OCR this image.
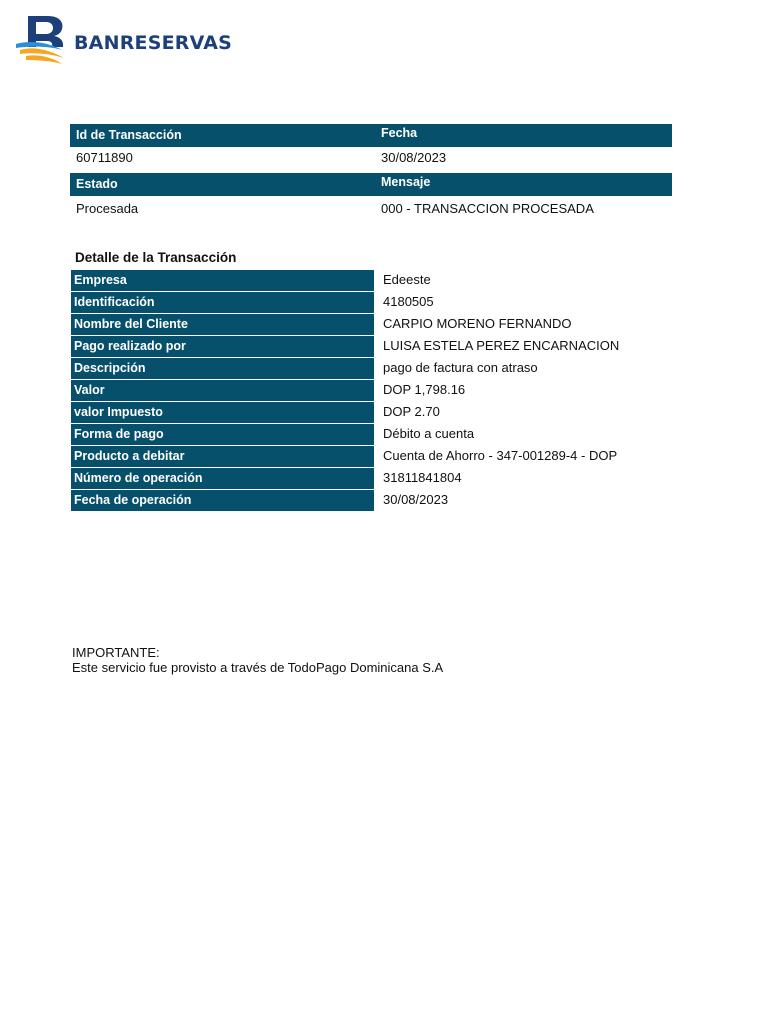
BANRESERVAS
Id de Transacción	Fecha
60711890	30/08/2023
Estado	Mensaje
Procesada	000 - TRANSACCION PROCESADA
Detalle de la Transacción
Empresa	Edeeste
Identificación	4180505
Nombre del Cliente	CARPIO MORENO FERNANDO
Pago realizado por	LUISA ESTELA PEREZ ENCARNACION
Descripción	pago de factura con atraso
Valor	DOP 1,798.16
valor Impuesto	DOP 2.70
Forma de pago	Débito a cuenta
Producto a debitar	Cuenta de Ahorro - 347-001289-4 - DOP
Número de operación	31811841804
Fecha de operación	30/08/2023
IMPORTANTE:
Este servicio fue provisto a través de TodoPago Dominicana S.A
